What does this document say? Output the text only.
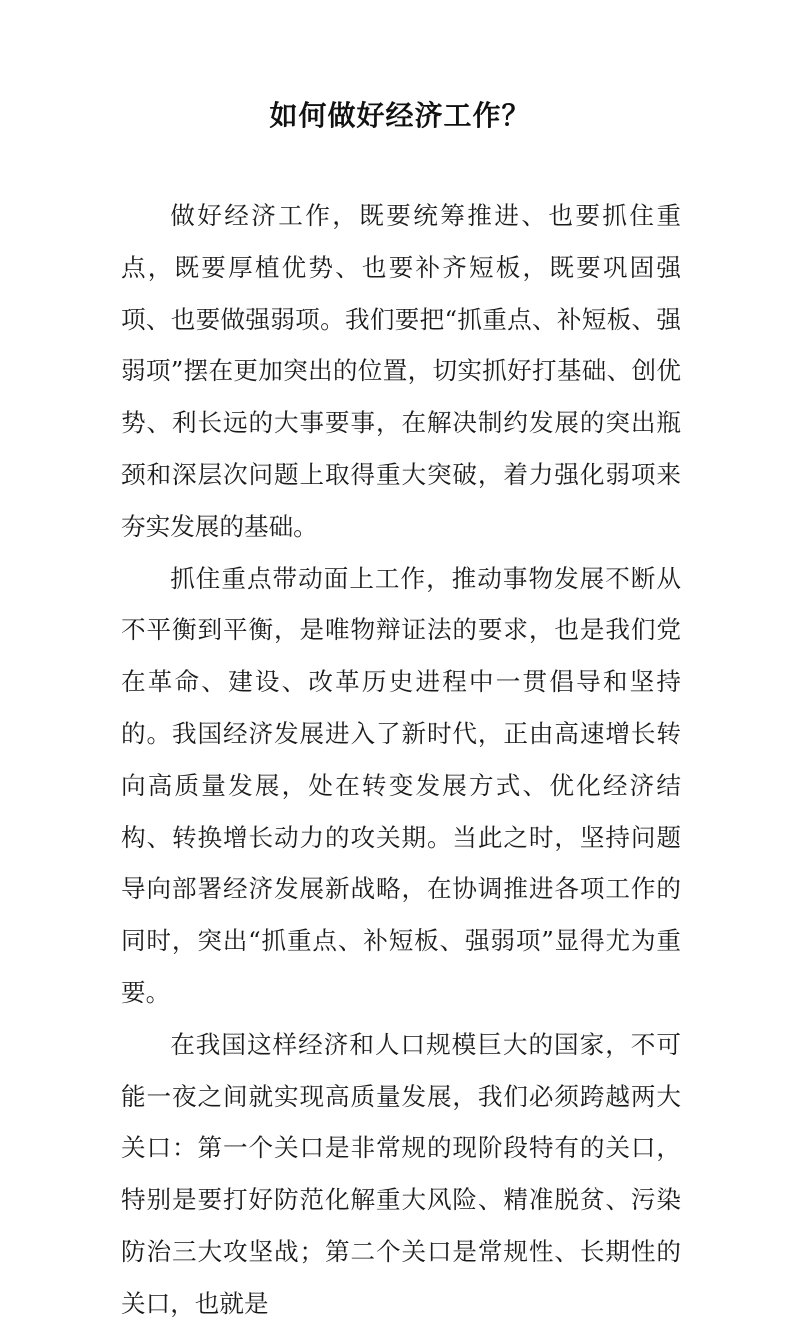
如何做好经济工作？

做好经济工作，既要统筹推进、也要抓住重点，既要厚植优势、也要补齐短板，既要巩固强项、也要做强弱项。我们要把“抓重点、补短板、强弱项”摆在更加突出的位置，切实抓好打基础、创优势、利长远的大事要事，在解决制约发展的突出瓶颈和深层次问题上取得重大突破，着力强化弱项来夯实发展的基础。

抓住重点带动面上工作，推动事物发展不断从不平衡到平衡，是唯物辩证法的要求，也是我们党在革命、建设、改革历史进程中一贯倡导和坚持的。我国经济发展进入了新时代，正由高速增长转向高质量发展，处在转变发展方式、优化经济结构、转换增长动力的攻关期。当此之时，坚持问题导向部署经济发展新战略，在协调推进各项工作的同时，突出“抓重点、补短板、强弱项”显得尤为重要。

在我国这样经济和人口规模巨大的国家，不可能一夜之间就实现高质量发展，我们必须跨越两大关口：第一个关口是非常规的现阶段特有的关口，特别是要打好防范化解重大风险、精准脱贫、污染防治三大攻坚战；第二个关口是常规性、长期性的关口，也就是
